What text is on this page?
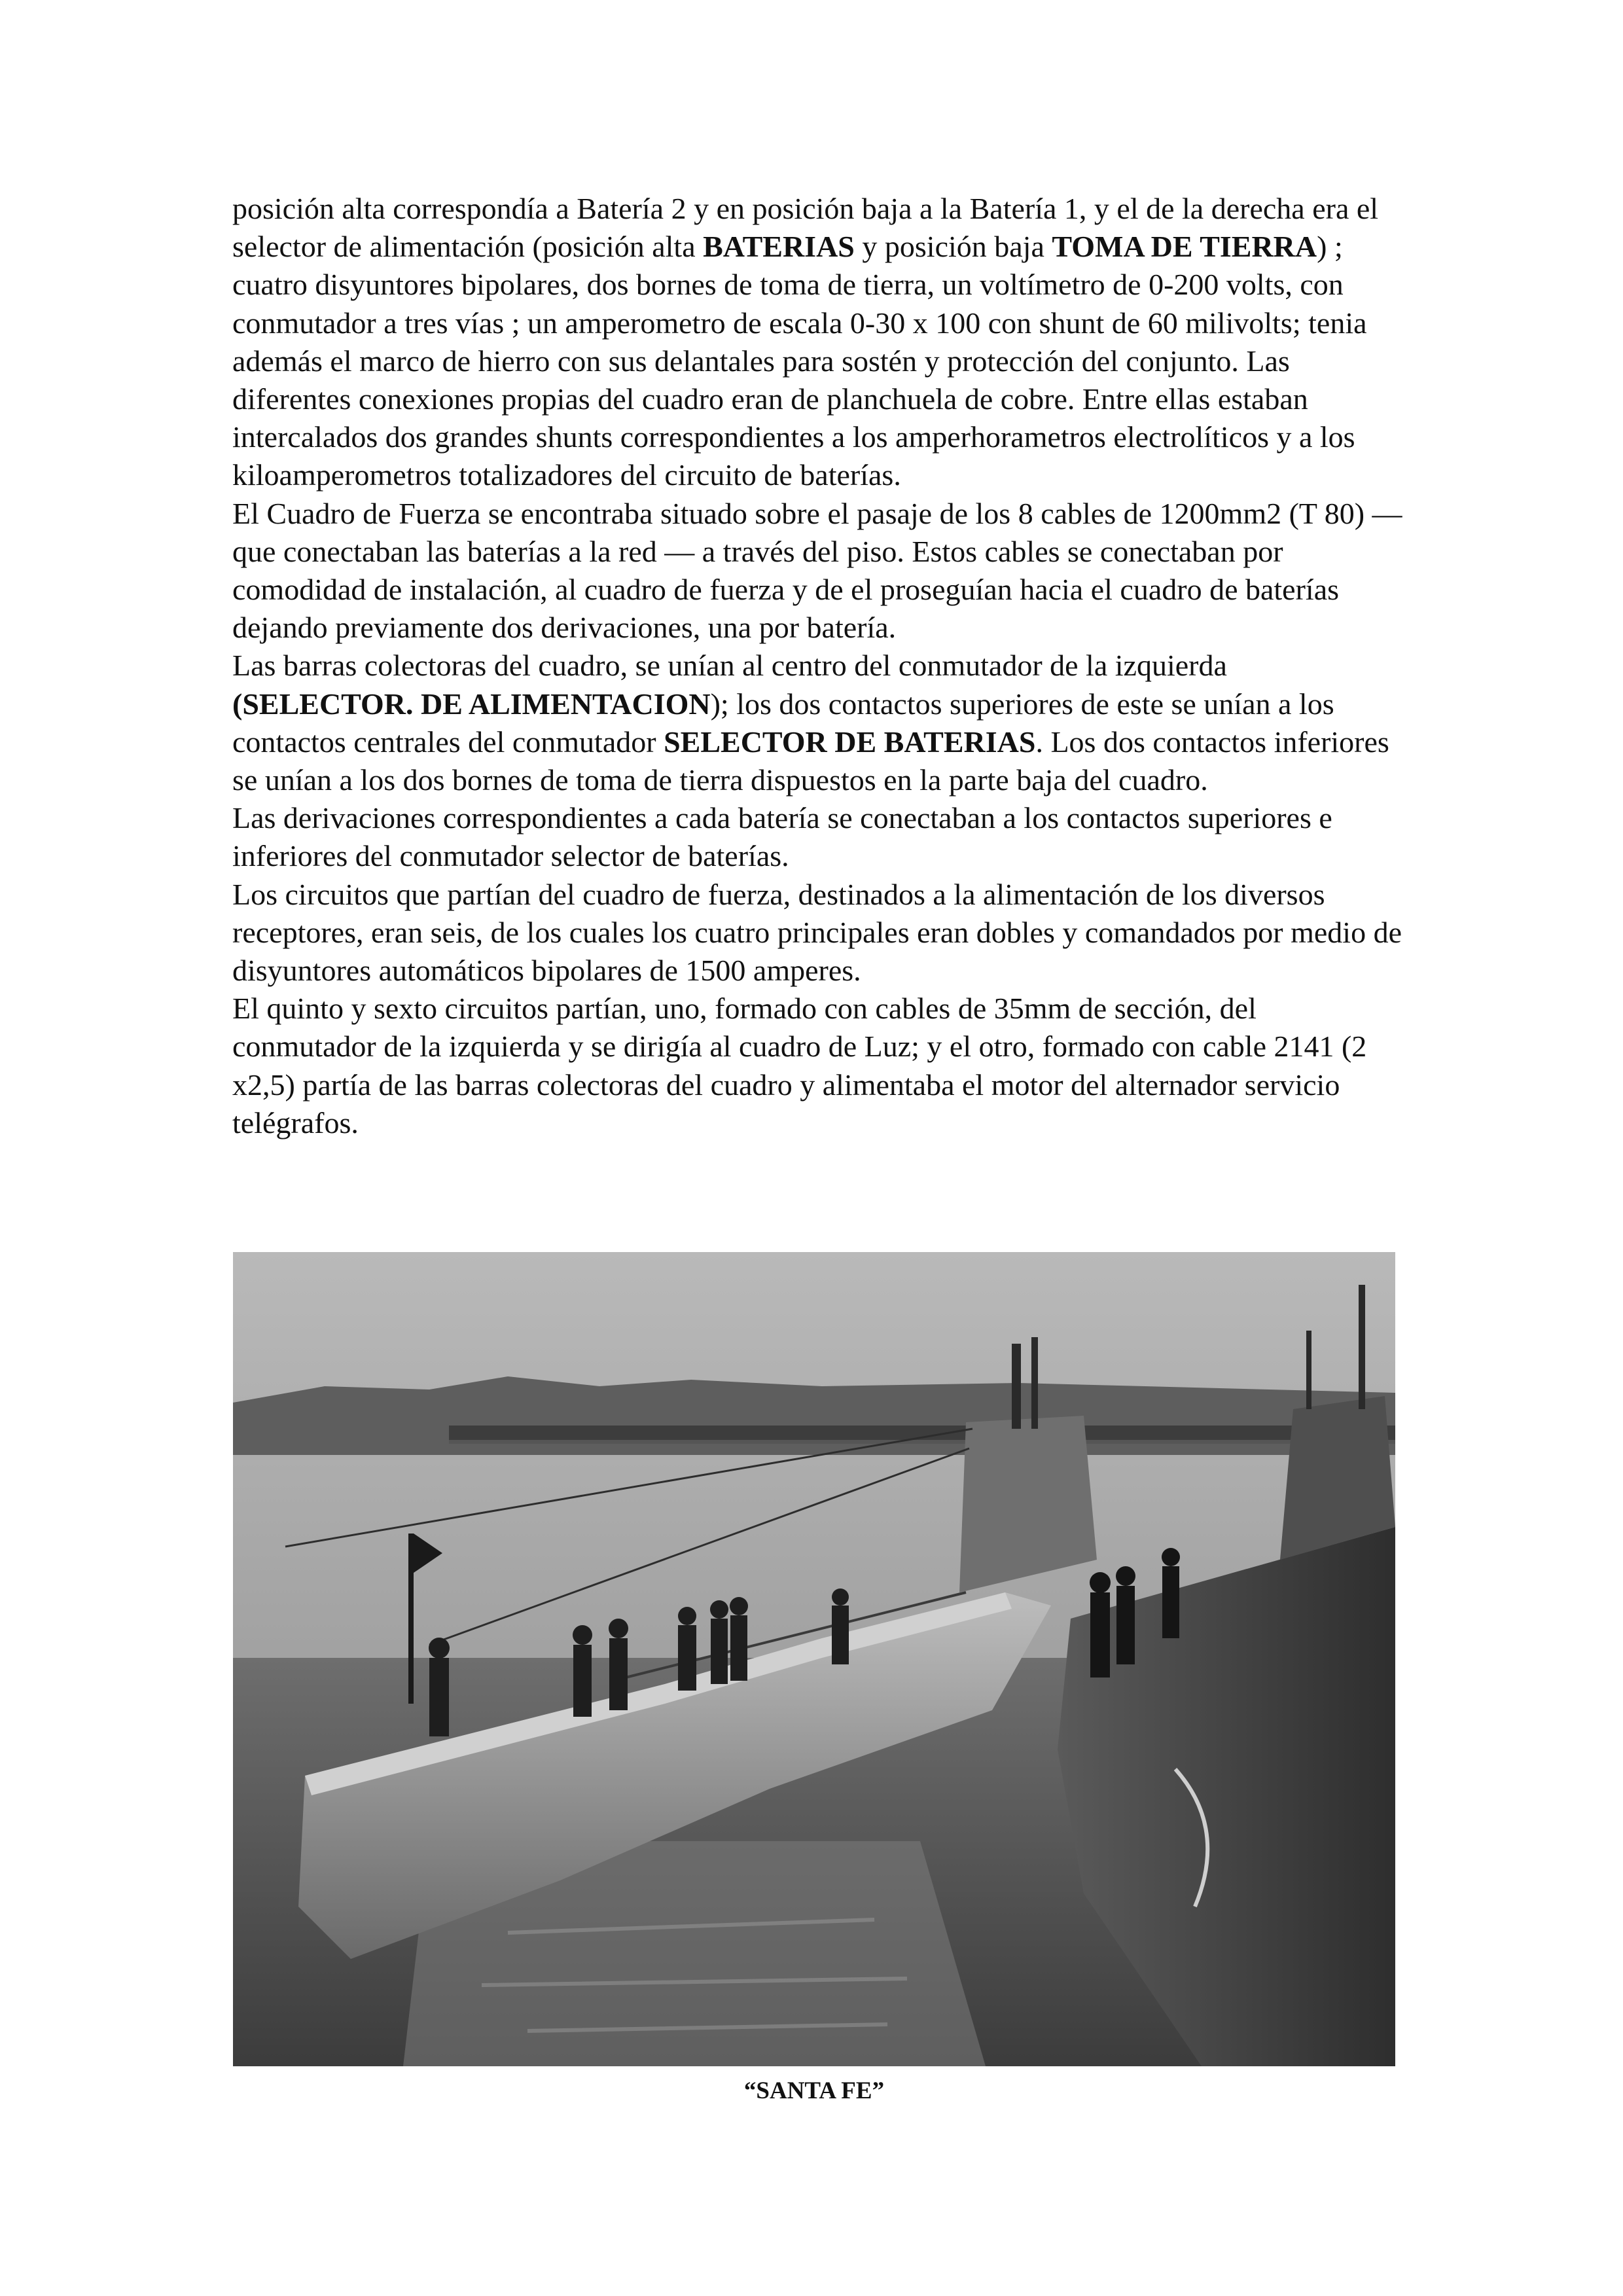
posición alta correspondía a Batería 2 y en posición baja a la Batería 1, y el de la derecha era el selector de alimentación (posición alta BATERIAS y posición baja TOMA DE TIERRA) ; cuatro disyuntores bipolares, dos bornes de toma de tierra, un voltímetro de 0-200 volts, con conmutador a tres vías ; un amperometro de escala 0-30 x 100 con shunt de 60 milivolts; tenia además el marco de hierro con sus delantales para sostén y protección del conjunto. Las diferentes conexiones propias del cuadro eran de planchuela de cobre. Entre ellas estaban intercalados dos grandes shunts correspondientes a los amperhorametros electrolíticos y a los kiloamperometros totalizadores del circuito de baterías.

El Cuadro de Fuerza se encontraba situado sobre el pasaje de los 8 cables de 1200mm2 (T 80) — que conectaban las baterías a la red — a través del piso. Estos cables se conectaban por comodidad de instalación, al cuadro de fuerza y de el proseguían hacia el cuadro de baterías dejando previamente dos derivaciones, una por batería.

Las barras colectoras del cuadro, se unían al centro del conmutador de la izquierda (SELECTOR. DE ALIMENTACION); los dos contactos superiores de este se unían a los contactos centrales del conmutador SELECTOR DE BATERIAS. Los dos contactos inferiores se unían a los dos bornes de toma de tierra dispuestos en la parte baja del cuadro.

Las derivaciones correspondientes a cada batería se conectaban a los contactos superiores e inferiores del conmutador selector de baterías.

Los circuitos que partían del cuadro de fuerza, destinados a la alimentación de los diversos receptores, eran seis, de los cuales los cuatro principales eran dobles y comandados por medio de disyuntores automáticos bipolares de 1500 amperes.

El quinto y sexto circuitos partían, uno, formado con cables de 35mm de sección, del conmutador de la izquierda y se dirigía al cuadro de Luz; y el otro, formado con cable 2141 (2 x2,5) partía de las barras colectoras del cuadro y alimentaba el motor del alternador servicio telégrafos.

“SANTA FE”
